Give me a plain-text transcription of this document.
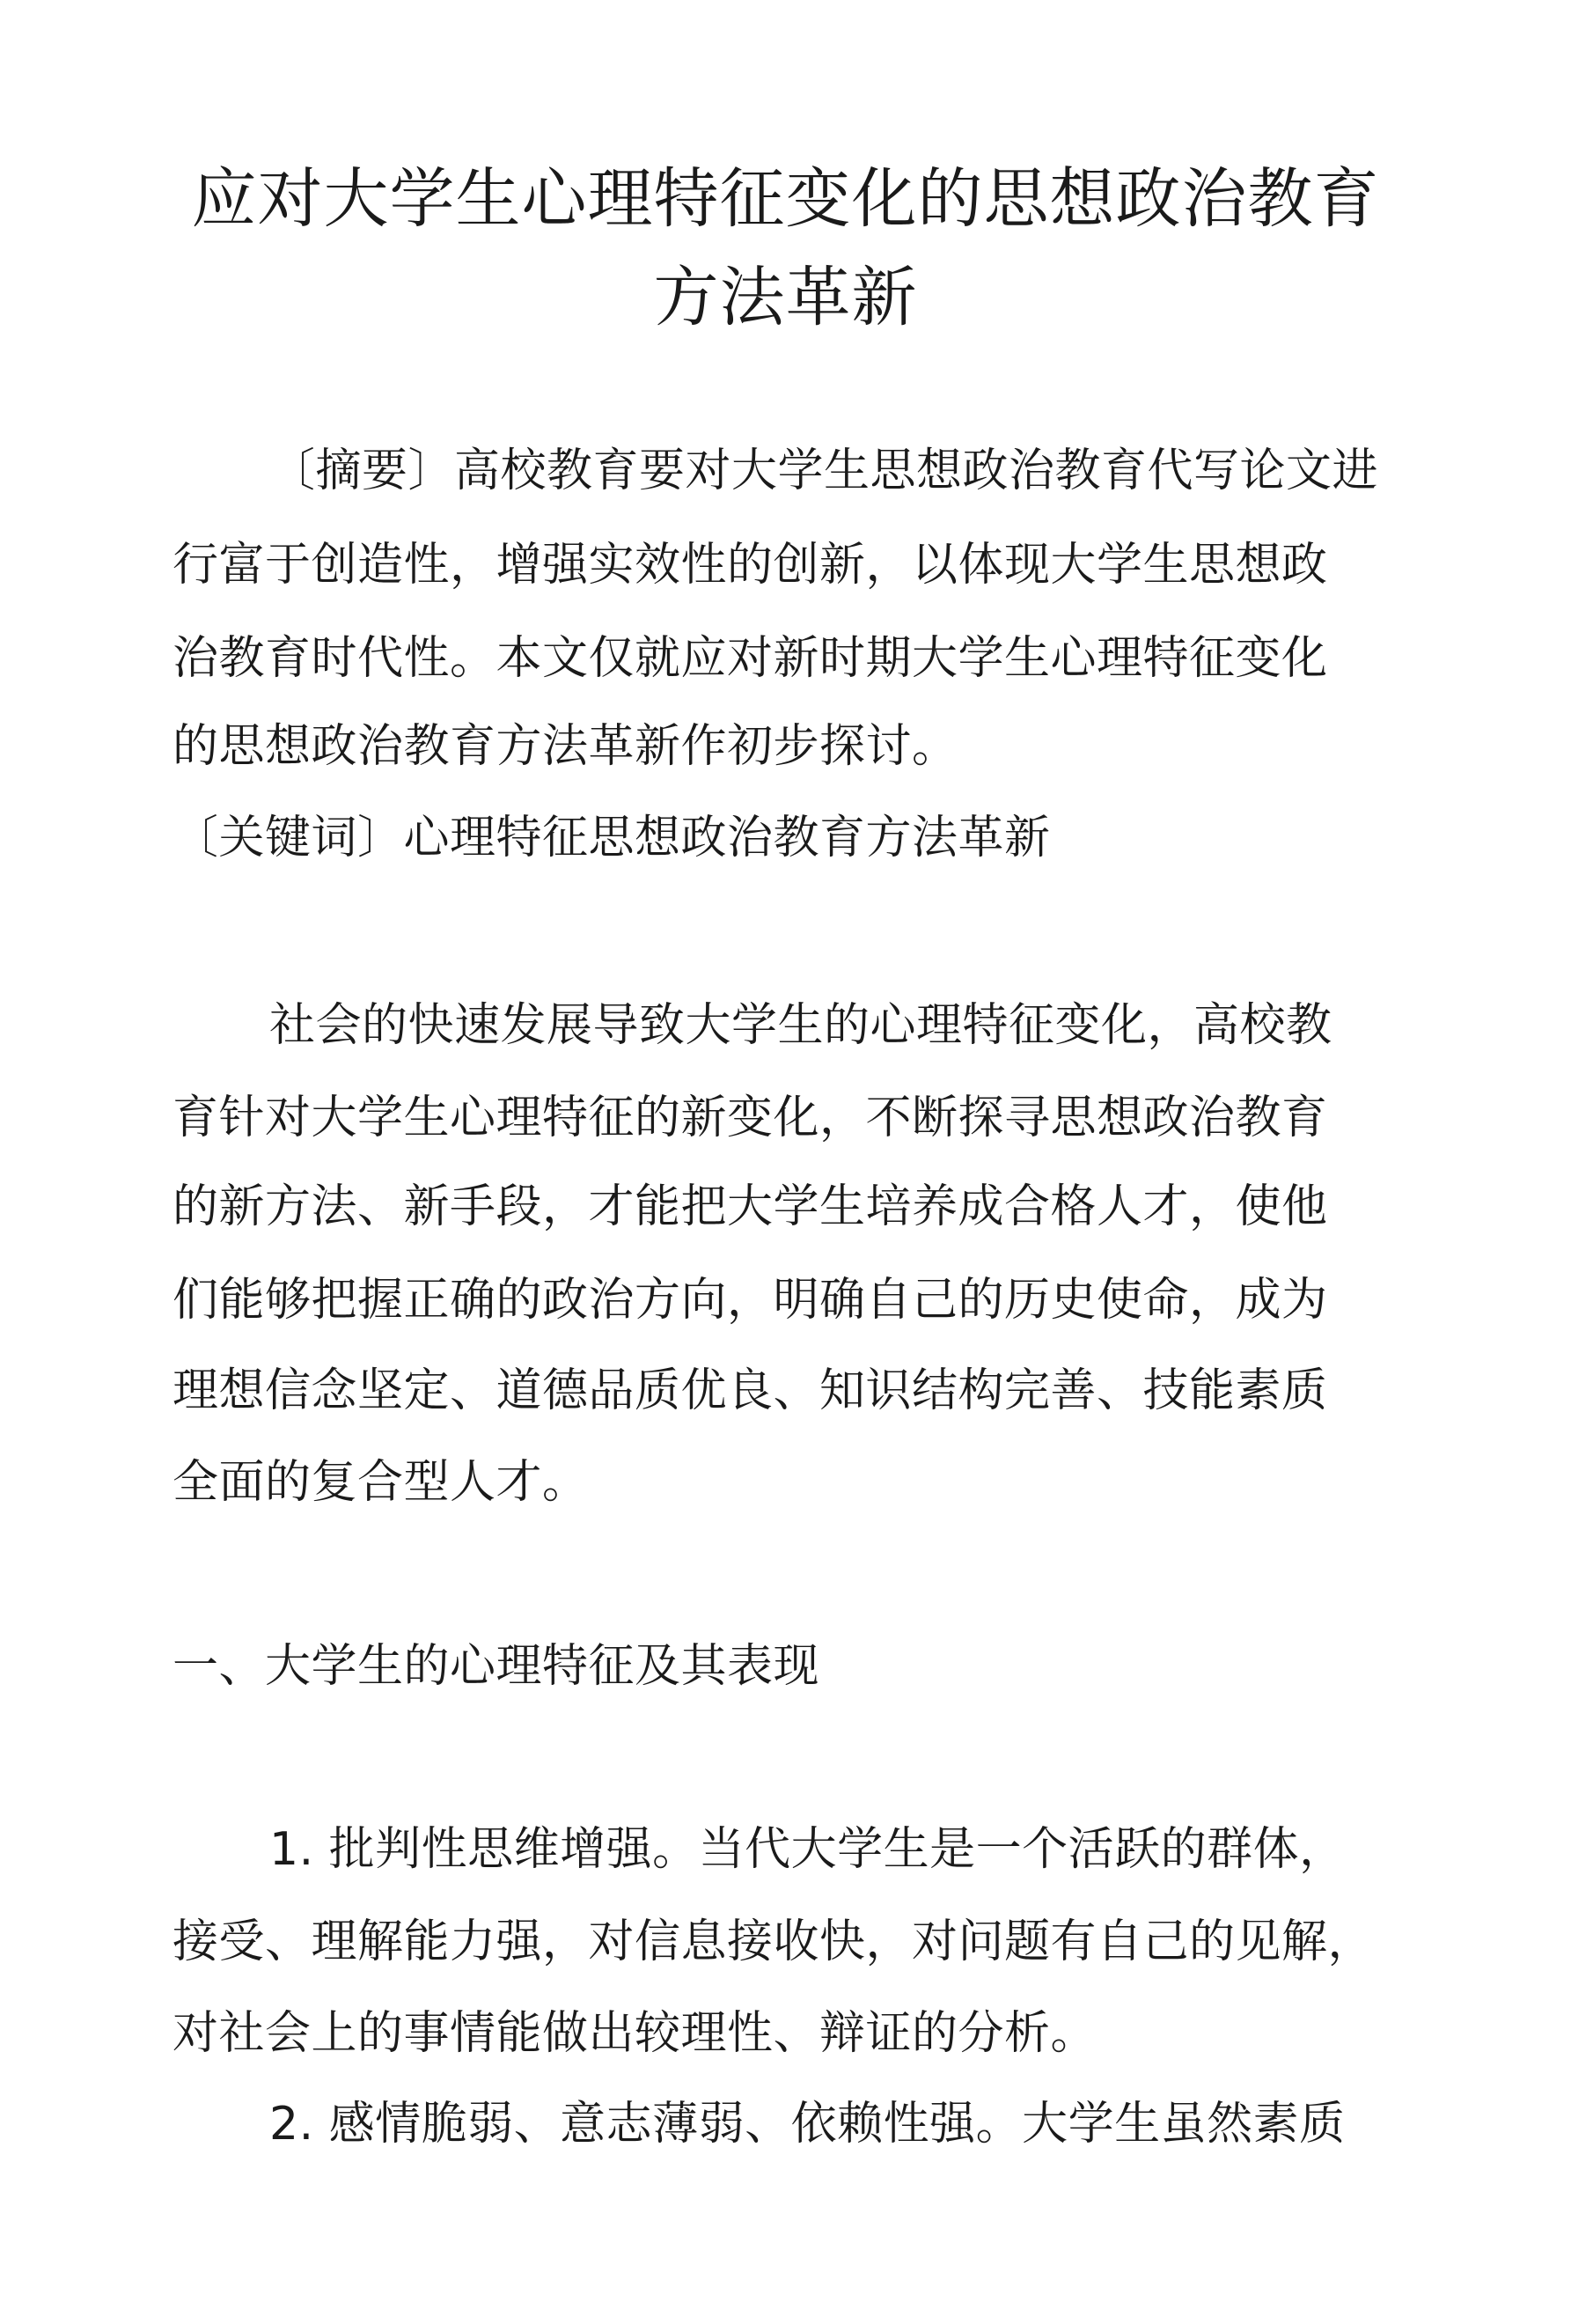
应对大学生心理特征变化的思想政治教育
方法革新
〔摘要〕高校教育要对大学生思想政治教育代写论文进
行富于创造性，增强实效性的创新，以体现大学生思想政
治教育时代性。本文仅就应对新时期大学生心理特征变化
的思想政治教育方法革新作初步探讨。
〔关键词〕心理特征思想政治教育方法革新
社会的快速发展导致大学生的心理特征变化，高校教
育针对大学生心理特征的新变化，不断探寻思想政治教育
的新方法、新手段，才能把大学生培养成合格人才，使他
们能够把握正确的政治方向，明确自己的历史使命，成为
理想信念坚定、道德品质优良、知识结构完善、技能素质
全面的复合型人才。
一、大学生的心理特征及其表现
1. 批判性思维增强。当代大学生是一个活跃的群体，
接受、理解能力强，对信息接收快，对问题有自己的见解，
对社会上的事情能做出较理性、辩证的分析。
2. 感情脆弱、意志薄弱、依赖性强。大学生虽然素质
